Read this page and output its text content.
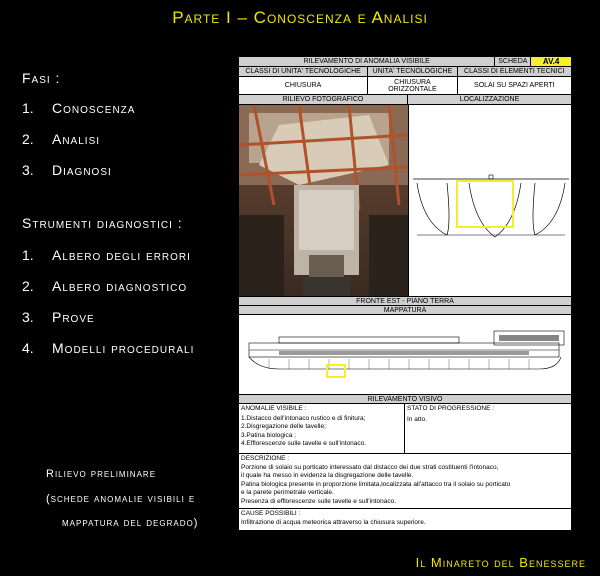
Parte I – Conoscenza e Analisi
Fasi :
1. Conoscenza
2. Analisi
3. Diagnosi
Strumenti diagnostici :
1. Albero degli errori
2. Albero diagnostico
3. Prove
4. Modelli procedurali
Rilievo preliminare
(schede anomalie visibili e
mappatura del degrado)
Il Minareto del Benessere
RILEVAMENTO DI ANOMALIA VISIBILE	SCHEDA	AV.4
CLASSI DI UNITA' TECNOLOGICHE	UNITA' TECNOLOGICHE	CLASSI DI ELEMENTI TECNICI
CHIUSURA	CHIUSURA ORIZZONTALE	SOLAI SU SPAZI APERTI
RILIEVO FOTOGRAFICO	LOCALIZZAZIONE
FRONTE EST - PIANO TERRA
MAPPATURA
RILEVAMENTO VISIVO
ANOMALIE VISIBILE :
1.Distacco dell'intonaco rustico e di finitura;
2.Disgregazione delle tavelle;
3.Patina biologica ;
4.Efflorescenze sulle tavelle e sull'intonaco.
STATO DI PROGRESSIONE :
In atto.
DESCRIZIONE :
Porzione di solaio su porticato interessato dal distacco dei due strati costituenti l'intonaco,
il quale ha messo in evidenza la disgregazione delle tavelle.
Patina biologica presente in proporzione limitata,localizzata all'attacco tra il solaio su porticato
e la parete perimetrale verticale.
Presenza di efflorescenze sulle tavelle e sull'intonaco.
CAUSE POSSIBILI :
Infiltrazione di acqua meteorica attraverso la chiusura superiore.
